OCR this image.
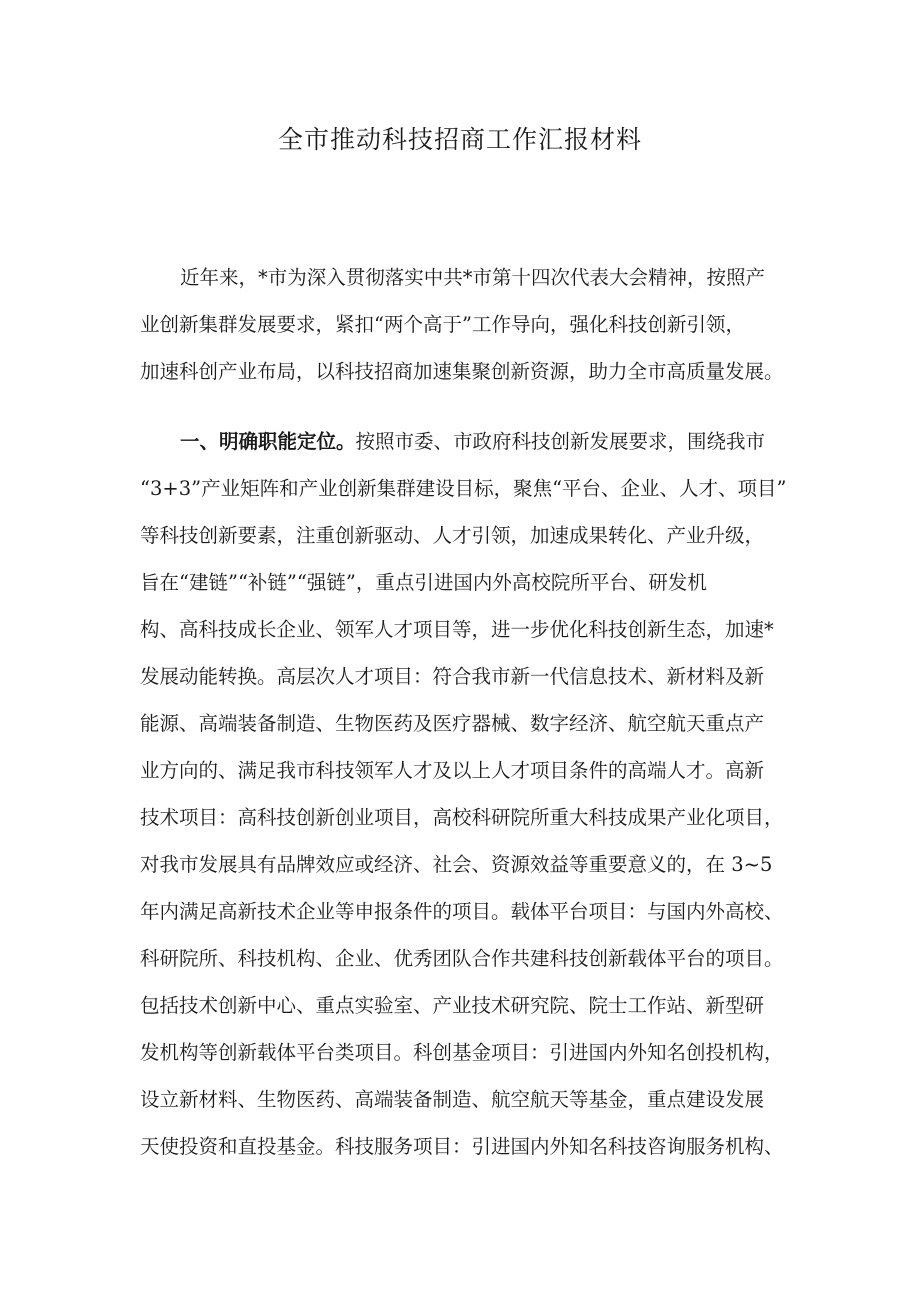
全市推动科技招商工作汇报材料
近年来，*市为深入贯彻落实中共*市第十四次代表大会精神，按照产
业创新集群发展要求，紧扣“两个高于”工作导向，强化科技创新引领，
加速科创产业布局，以科技招商加速集聚创新资源，助力全市高质量发展。
一、明确职能定位。按照市委、市政府科技创新发展要求，围绕我市
“3+3”产业矩阵和产业创新集群建设目标，聚焦“平台、企业、人才、项目”
等科技创新要素，注重创新驱动、人才引领，加速成果转化、产业升级，
旨在“建链”“补链”“强链”，重点引进国内外高校院所平台、研发机
构、高科技成长企业、领军人才项目等，进一步优化科技创新生态，加速*
发展动能转换。高层次人才项目：符合我市新一代信息技术、新材料及新
能源、高端装备制造、生物医药及医疗器械、数字经济、航空航天重点产
业方向的、满足我市科技领军人才及以上人才项目条件的高端人才。高新
技术项目：高科技创新创业项目，高校科研院所重大科技成果产业化项目，
对我市发展具有品牌效应或经济、社会、资源效益等重要意义的，在 3~5
年内满足高新技术企业等申报条件的项目。载体平台项目：与国内外高校、
科研院所、科技机构、企业、优秀团队合作共建科技创新载体平台的项目。
包括技术创新中心、重点实验室、产业技术研究院、院士工作站、新型研
发机构等创新载体平台类项目。科创基金项目：引进国内外知名创投机构，
设立新材料、生物医药、高端装备制造、航空航天等基金，重点建设发展
天使投资和直投基金。科技服务项目：引进国内外知名科技咨询服务机构、
